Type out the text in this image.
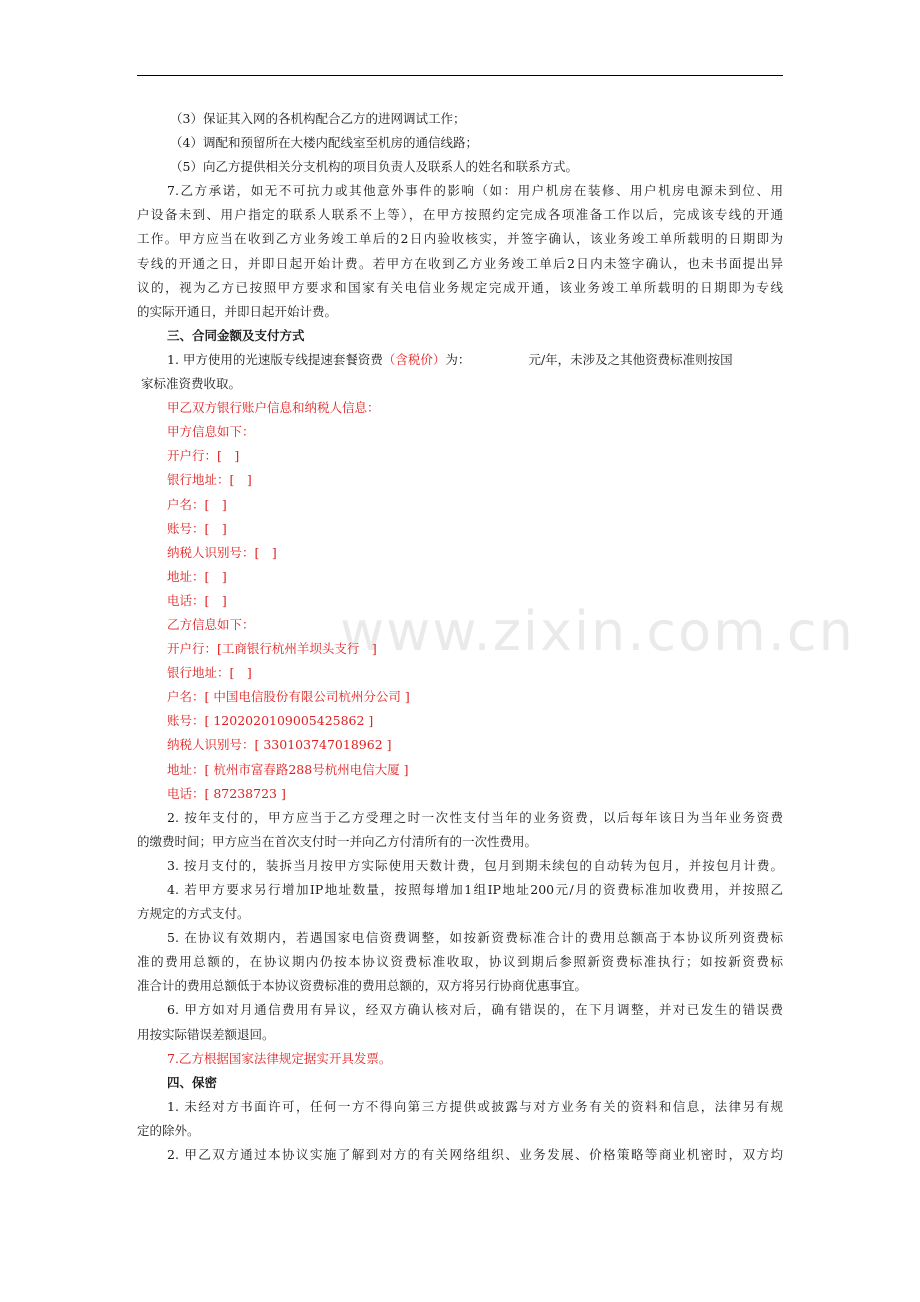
www.zixin.com.cn
（3）保证其入网的各机构配合乙方的进网调试工作；
（4）调配和预留所在大楼内配线室至机房的通信线路；
（5）向乙方提供相关分支机构的项目负责人及联系人的姓名和联系方式。
7.乙方承诺，如无不可抗力或其他意外事件的影响（如：用户机房在装修、用户机房电源未到位、用
户设备未到、用户指定的联系人联系不上等），在甲方按照约定完成各项准备工作以后，完成该专线的开通
工作。甲方应当在收到乙方业务竣工单后的2日内验收核实，并签字确认，该业务竣工单所载明的日期即为
专线的开通之日，并即日起开始计费。若甲方在收到乙方业务竣工单后2日内未签字确认，也未书面提出异
议的，视为乙方已按照甲方要求和国家有关电信业务规定完成开通，该业务竣工单所载明的日期即为专线
的实际开通日，并即日起开始计费。
三、合同金额及支付方式
1. 甲方使用的光速版专线提速套餐资费（含税价）为：	元/年，未涉及之其他资费标准则按国
家标准资费收取。
甲乙双方银行账户信息和纳税人信息：
甲方信息如下：
开户行：[　]
银行地址：[　]
户名：[　]
账号：[　]
纳税人识别号：[　]
地址：[　]
电话：[　]
乙方信息如下：
开户行：[工商银行杭州羊坝头支行　]
银行地址：[　]
户名：[ 中国电信股份有限公司杭州分公司 ]
账号：[ 1202020109005425862 ]
纳税人识别号：[ 330103747018962 ]
地址：[ 杭州市富春路288号杭州电信大厦 ]
电话：[ 87238723 ]
2. 按年支付的，甲方应当于乙方受理之时一次性支付当年的业务资费，以后每年该日为当年业务资费
的缴费时间；甲方应当在首次支付时一并向乙方付清所有的一次性费用。
3. 按月支付的，装拆当月按甲方实际使用天数计费，包月到期未续包的自动转为包月，并按包月计费。
4. 若甲方要求另行增加IP地址数量，按照每增加1组IP地址200元/月的资费标准加收费用，并按照乙
方规定的方式支付。
5. 在协议有效期内，若遇国家电信资费调整，如按新资费标准合计的费用总额高于本协议所列资费标
准的费用总额的，在协议期内仍按本协议资费标准收取，协议到期后参照新资费标准执行；如按新资费标
准合计的费用总额低于本协议资费标准的费用总额的，双方将另行协商优惠事宜。
6. 甲方如对月通信费用有异议，经双方确认核对后，确有错误的，在下月调整，并对已发生的错误费
用按实际错误差额退回。
7.乙方根据国家法律规定据实开具发票。
四、保密
1. 未经对方书面许可，任何一方不得向第三方提供或披露与对方业务有关的资料和信息，法律另有规
定的除外。
2. 甲乙双方通过本协议实施了解到对方的有关网络组织、业务发展、价格策略等商业机密时，双方均
